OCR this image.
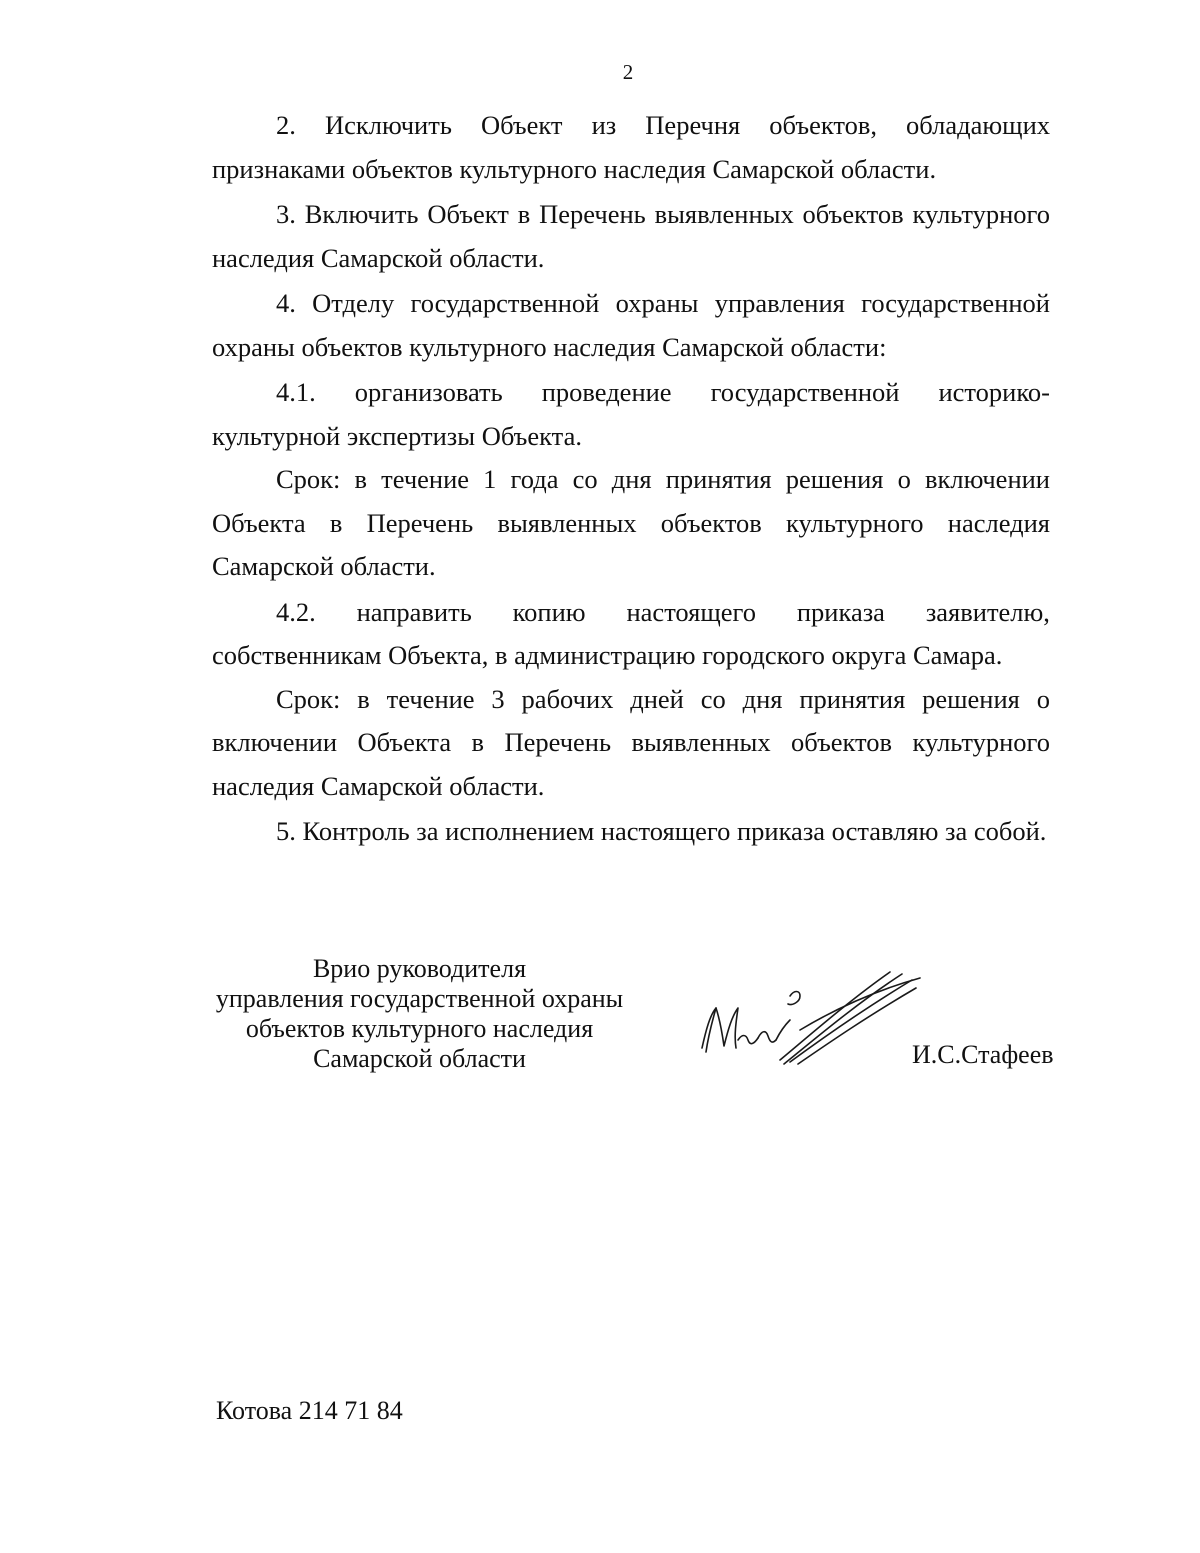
2

2. Исключить Объект из Перечня объектов, обладающих признаками объектов культурного наследия Самарской области.

3. Включить Объект в Перечень выявленных объектов культурного наследия Самарской области.

4. Отделу государственной охраны управления государственной охраны объектов культурного наследия Самарской области:

4.1. организовать проведение государственной историко-

культурной экспертизы Объекта.

Срок: в течение 1 года со дня принятия решения о включении Объекта в Перечень выявленных объектов культурного наследия Самарской области.

4.2. направить копию настоящего приказа заявителю,

собственникам Объекта, в администрацию городского округа Самара.

Срок: в течение 3 рабочих дней со дня принятия решения о включении Объекта в Перечень выявленных объектов культурного наследия Самарской области.

5. Контроль за исполнением настоящего приказа оставляю за собой.

Врио руководителя
управления государственной охраны
объектов культурного наследия
Самарской области	И.С.Стафеев
Котова 214 71 84
